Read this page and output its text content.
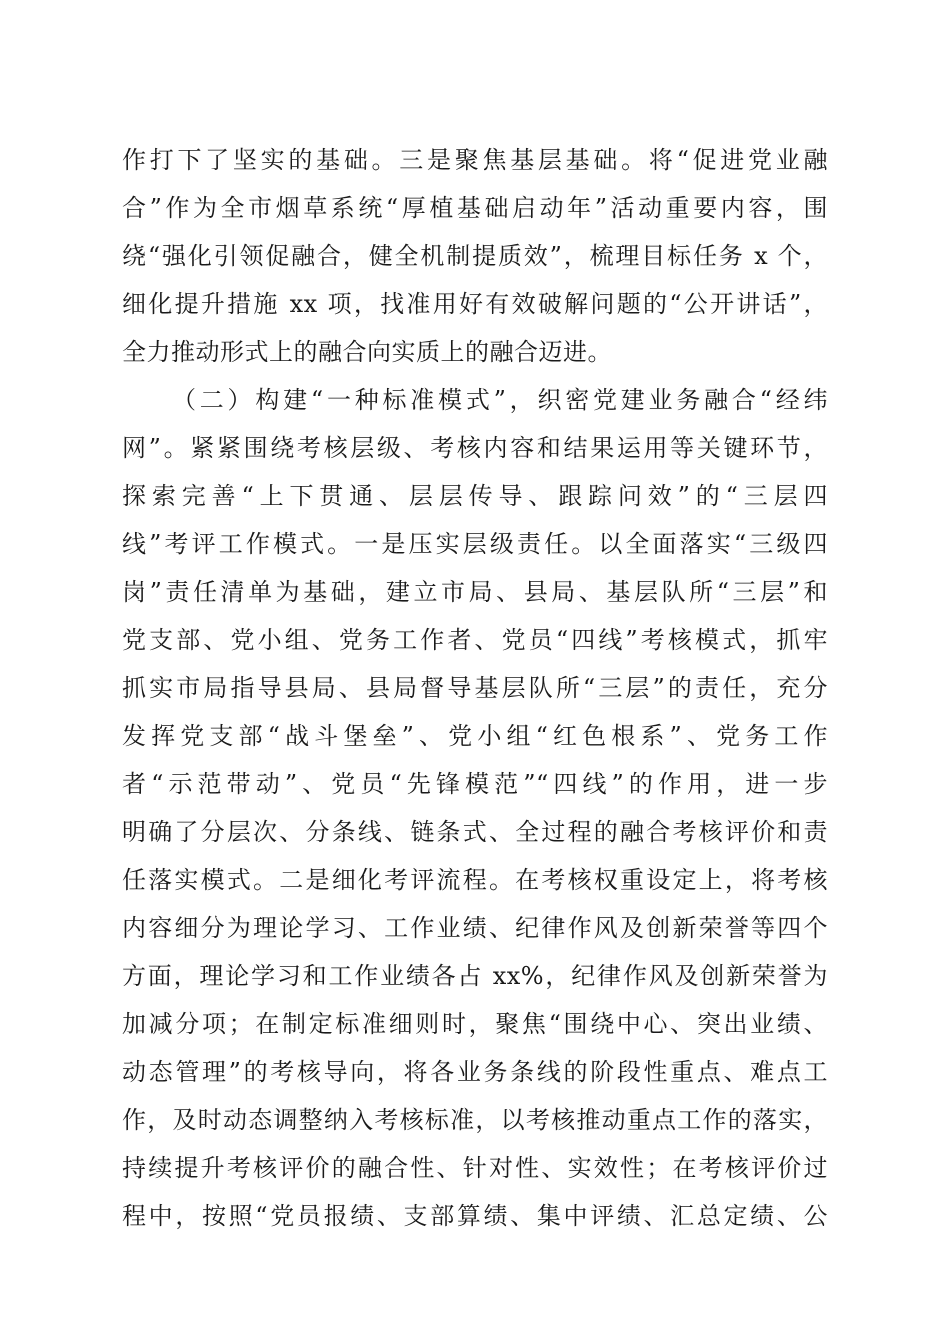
作打下了坚实的基础。三是聚焦基层基础。将“促进党业融
合”作为全市烟草系统“厚植基础启动年”活动重要内容，围
绕“强化引领促融合，健全机制提质效”，梳理目标任务 x 个，
细化提升措施 xx 项，找准用好有效破解问题的“公开讲话”，
全力推动形式上的融合向实质上的融合迈进。
（二）构建“一种标准模式”，织密党建业务融合“经纬
网”。紧紧围绕考核层级、考核内容和结果运用等关键环节，
探索完善“上下贯通、层层传导、跟踪问效”的“三层四
线”考评工作模式。一是压实层级责任。以全面落实“三级四
岗”责任清单为基础，建立市局、县局、基层队所“三层”和
党支部、党小组、党务工作者、党员“四线”考核模式，抓牢
抓实市局指导县局、县局督导基层队所“三层”的责任，充分
发挥党支部“战斗堡垒”、党小组“红色根系”、党务工作
者“示范带动”、党员“先锋模范”“四线”的作用，进一步
明确了分层次、分条线、链条式、全过程的融合考核评价和责
任落实模式。二是细化考评流程。在考核权重设定上，将考核
内容细分为理论学习、工作业绩、纪律作风及创新荣誉等四个
方面，理论学习和工作业绩各占 xx%，纪律作风及创新荣誉为
加减分项；在制定标准细则时，聚焦“围绕中心、突出业绩、
动态管理”的考核导向，将各业务条线的阶段性重点、难点工
作，及时动态调整纳入考核标准，以考核推动重点工作的落实，
持续提升考核评价的融合性、针对性、实效性；在考核评价过
程中，按照“党员报绩、支部算绩、集中评绩、汇总定绩、公
